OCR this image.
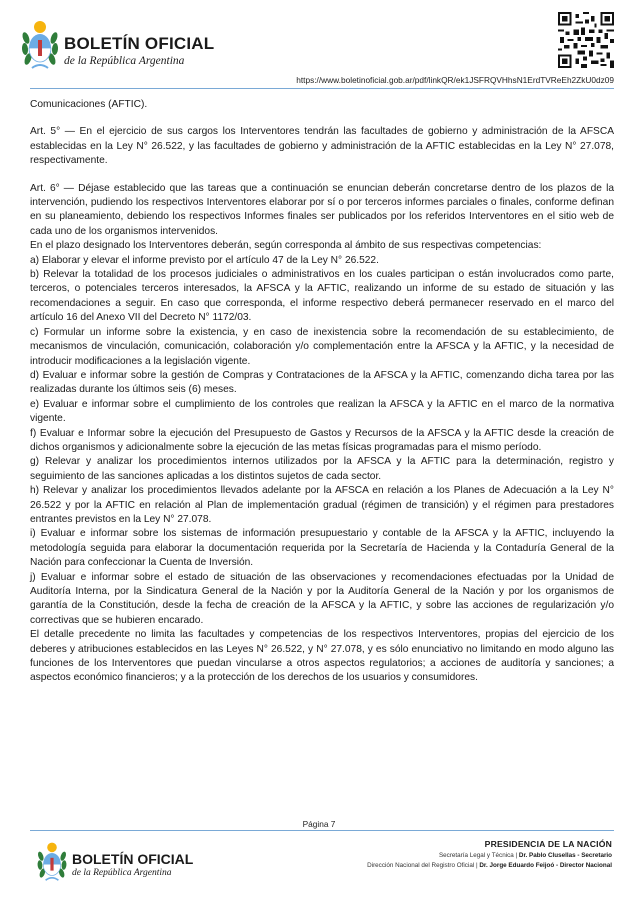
BOLETÍN OFICIAL
de la República Argentina
https://www.boletinoficial.gob.ar/pdf/linkQR/ek1JSFRQVHhsN1ErdTVReEh2ZkU0dz09

Comunicaciones (AFTIC).

Art. 5° — En el ejercicio de sus cargos los Interventores tendrán las facultades de gobierno y administración de la AFSCA establecidas en la Ley N° 26.522, y las facultades de gobierno y administración de la AFTIC establecidas en la Ley N° 27.078, respectivamente.

Art. 6° — Déjase establecido que las tareas que a continuación se enuncian deberán concretarse dentro de los plazos de la intervención, pudiendo los respectivos Interventores elaborar por sí o por terceros informes parciales o finales, conforme definan en su planeamiento, debiendo los respectivos Informes finales ser publicados por los referidos Interventores en el sitio web de cada uno de los organismos intervenidos.

En el plazo designado los Interventores deberán, según corresponda al ámbito de sus respectivas competencias:

a) Elaborar y elevar el informe previsto por el artículo 47 de la Ley N° 26.522.

b) Relevar la totalidad de los procesos judiciales o administrativos en los cuales participan o están involucrados como parte, terceros, o potenciales terceros interesados, la AFSCA y la AFTIC, realizando un informe de su estado de situación y las recomendaciones a seguir. En caso que corresponda, el informe respectivo deberá permanecer reservado en el marco del artículo 16 del Anexo VII del Decreto N° 1172/03.

c) Formular un informe sobre la existencia, y en caso de inexistencia sobre la recomendación de su establecimiento, de mecanismos de vinculación, comunicación, colaboración y/o complementación entre la AFSCA y la AFTIC, y la necesidad de introducir modificaciones a la legislación vigente.

d) Evaluar e informar sobre la gestión de Compras y Contrataciones de la AFSCA y la AFTIC, comenzando dicha tarea por las realizadas durante los últimos seis (6) meses.

e) Evaluar e informar sobre el cumplimiento de los controles que realizan la AFSCA y la AFTIC en el marco de la normativa vigente.

f) Evaluar e Informar sobre la ejecución del Presupuesto de Gastos y Recursos de la AFSCA y la AFTIC desde la creación de dichos organismos y adicionalmente sobre la ejecución de las metas físicas programadas para el mismo período.

g) Relevar y analizar los procedimientos internos utilizados por la AFSCA y la AFTIC para la determinación, registro y seguimiento de las sanciones aplicadas a los distintos sujetos de cada sector.

h) Relevar y analizar los procedimientos llevados adelante por la AFSCA en relación a los Planes de Adecuación a la Ley N° 26.522 y por la AFTIC en relación al Plan de implementación gradual (régimen de transición) y el régimen para prestadores entrantes previstos en la Ley N° 27.078.

i) Evaluar e informar sobre los sistemas de información presupuestario y contable de la AFSCA y la AFTIC, incluyendo la metodología seguida para elaborar la documentación requerida por la Secretaría de Hacienda y la Contaduría General de la Nación para confeccionar la Cuenta de Inversión.

j) Evaluar e informar sobre el estado de situación de las observaciones y recomendaciones efectuadas por la Unidad de Auditoría Interna, por la Sindicatura General de la Nación y por la Auditoría General de la Nación y por los organismos de garantía de la Constitución, desde la fecha de creación de la AFSCA y la AFTIC, y sobre las acciones de regularización y/o correctivas que se hubieren encarado.

El detalle precedente no limita las facultades y competencias de los respectivos Interventores, propias del ejercicio de los deberes y atribuciones establecidos en las Leyes N° 26.522, y N° 27.078, y es sólo enunciativo no limitando en modo alguno las funciones de los Interventores que puedan vincularse a otros aspectos regulatorios; a acciones de auditoría y sanciones; a aspectos económico financieros; y a la protección de los derechos de los usuarios y consumidores.

Página 7
BOLETÍN OFICIAL
de la República Argentina
PRESIDENCIA DE LA NACIÓN
Secretaría Legal y Técnica | Dr. Pablo Clusellas - Secretario
Dirección Nacional del Registro Oficial | Dr. Jorge Eduardo Feijoó - Director Nacional
